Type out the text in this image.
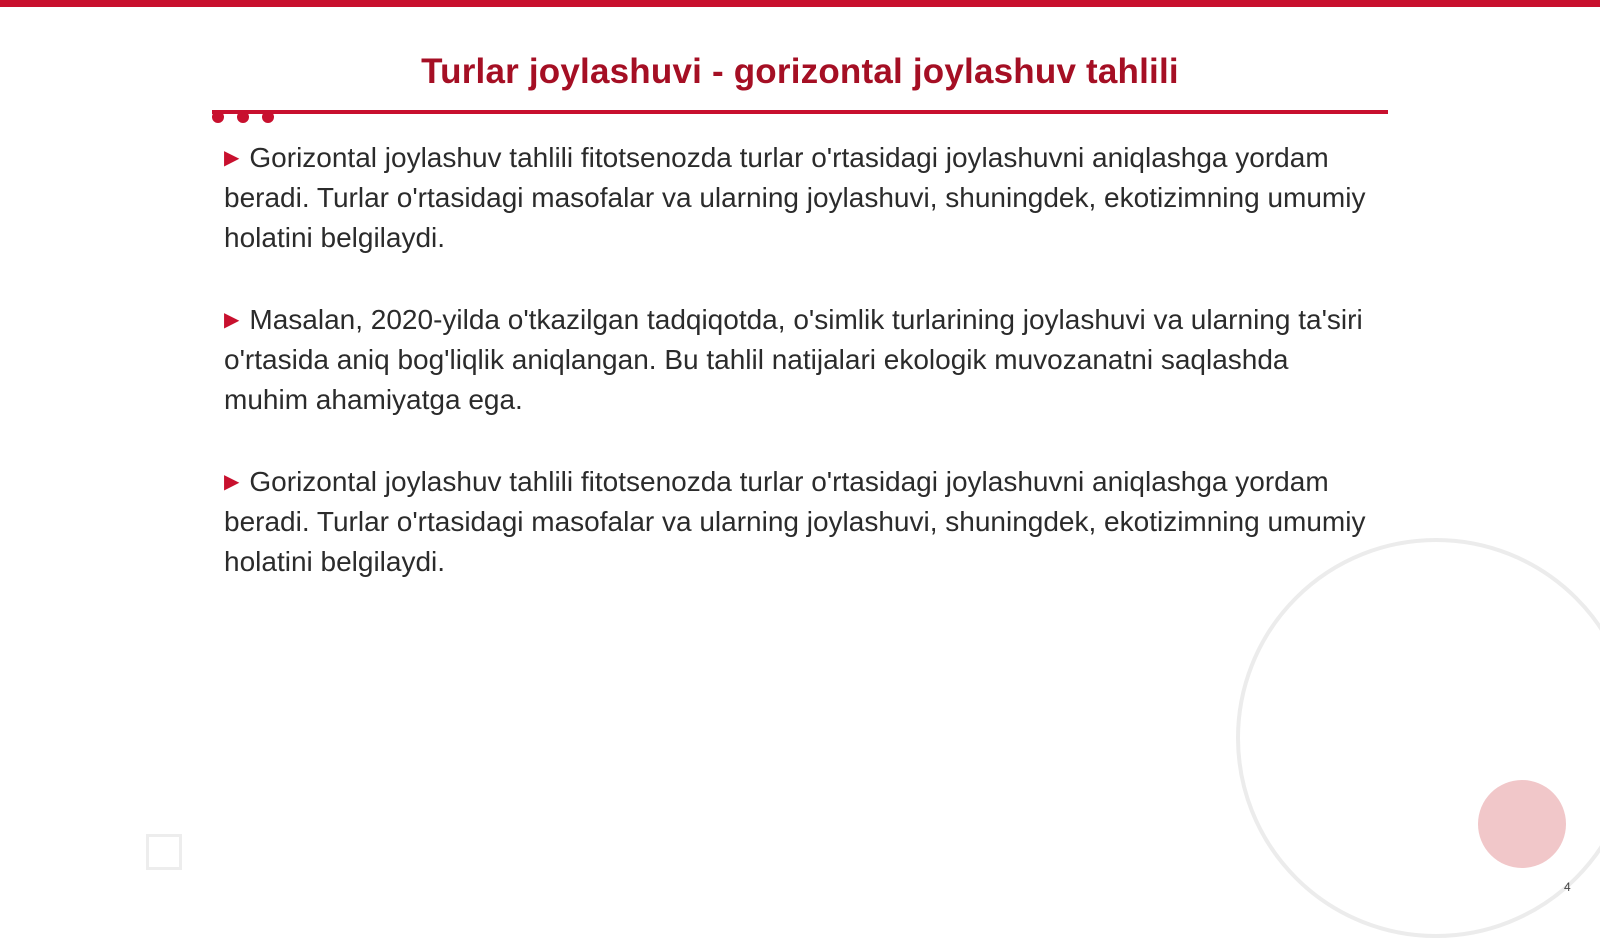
Turlar joylashuvi - gorizontal joylashuv tahlili

▶ Gorizontal joylashuv tahlili fitotsenozda turlar o'rtasidagi joylashuvni aniqlashga yordam beradi. Turlar o'rtasidagi masofalar va ularning joylashuvi, shuningdek, ekotizimning umumiy holatini belgilaydi.

▶ Masalan, 2020-yilda o'tkazilgan tadqiqotda, o'simlik turlarining joylashuvi va ularning ta'siri o'rtasida aniq bog'liqlik aniqlangan. Bu tahlil natijalari ekologik muvozanatni saqlashda muhim ahamiyatga ega.

▶ Gorizontal joylashuv tahlili fitotsenozda turlar o'rtasidagi joylashuvni aniqlashga yordam beradi. Turlar o'rtasidagi masofalar va ularning joylashuvi, shuningdek, ekotizimning umumiy holatini belgilaydi.

4
